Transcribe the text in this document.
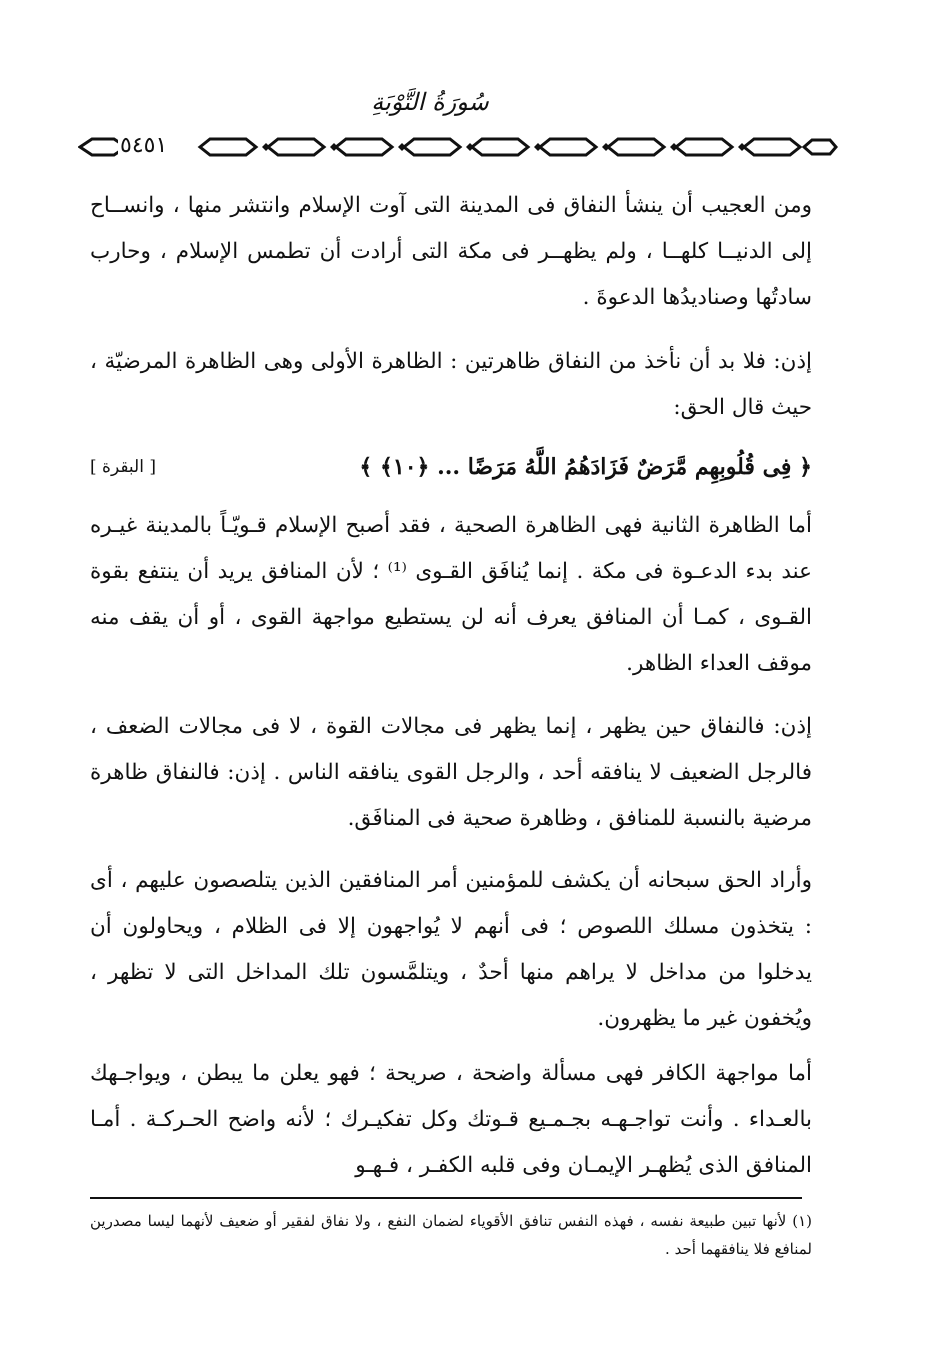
سُورَةُ التَّوْبَةِ
٥٤٥١
ومن العجيب أن ينشأ النفاق فى المدينة التى آوت الإسلام وانتشر منها ، وانســاح إلى الدنيــا كلهــا ، ولم يظهــر فى مكة التى أرادت أن تطمس الإسلام ، وحارب سادتُها وصناديدُها الدعوةَ .
إذن: فلا بد أن نأخذ من النفاق ظاهرتين : الظاهرة الأولى وهى الظاهرة المرضيّة ، حيث قال الحق:
﴿ فِى قُلُوبِهِم مَّرَضٌ فَزَادَهُمُ اللَّهُ مَرَضًا ... ﴿١٠﴾ ﴾
[ البقرة ]
أما الظاهرة الثانية فهى الظاهرة الصحية ، فقد أصبح الإسلام قـويّـاً بالمدينة غيـره عند بدء الدعـوة فى مكة . إنما يُنافَق القـوى ⁽¹⁾ ؛ لأن المنافق يريد أن ينتفع بقوة القـوى ، كمـا أن المنافق يعرف أنه لن يستطيع مواجهة القوى ، أو أن يقف منه موقف العداء الظاهر.
إذن: فالنفاق حين يظهر ، إنما يظهر فى مجالات القوة ، لا فى مجالات الضعف ، فالرجل الضعيف لا ينافقه أحد ، والرجل القوى ينافقه الناس . إذن: فالنفاق ظاهرة مرضية بالنسبة للمنافق ، وظاهرة صحية فى المنافَق.
وأراد الحق سبحانه أن يكشف للمؤمنين أمر المنافقين الذين يتلصصون عليهم ، أى : يتخذون مسلك اللصوص ؛ فى أنهم لا يُواجهون إلا فى الظلام ، ويحاولون أن يدخلوا من مداخل لا يراهم منها أحدٌ ، ويتلمَّسون تلك المداخل التى لا تظهر ، ويُخفون غير ما يظهرون.
أما مواجهة الكافر فهى مسألة واضحة ، صريحة ؛ فهو يعلن ما يبطن ، ويواجـهك بالعـداء . وأنت تواجـهـه بجـمـيع قـوتك وكل تفكيـرك ؛ لأنه واضح الحـركـة . أمـا المنافق الذى يُظهـر الإيمـان وفى قلبه الكفـر ، فـهـو
(١) لأنها تبين طبيعة نفسه ، فهذه النفس تنافق الأقوياء لضمان النفع ، ولا نفاق لفقير أو ضعيف لأنهما ليسا مصدرين لمنافع فلا ينافقهما أحد .
